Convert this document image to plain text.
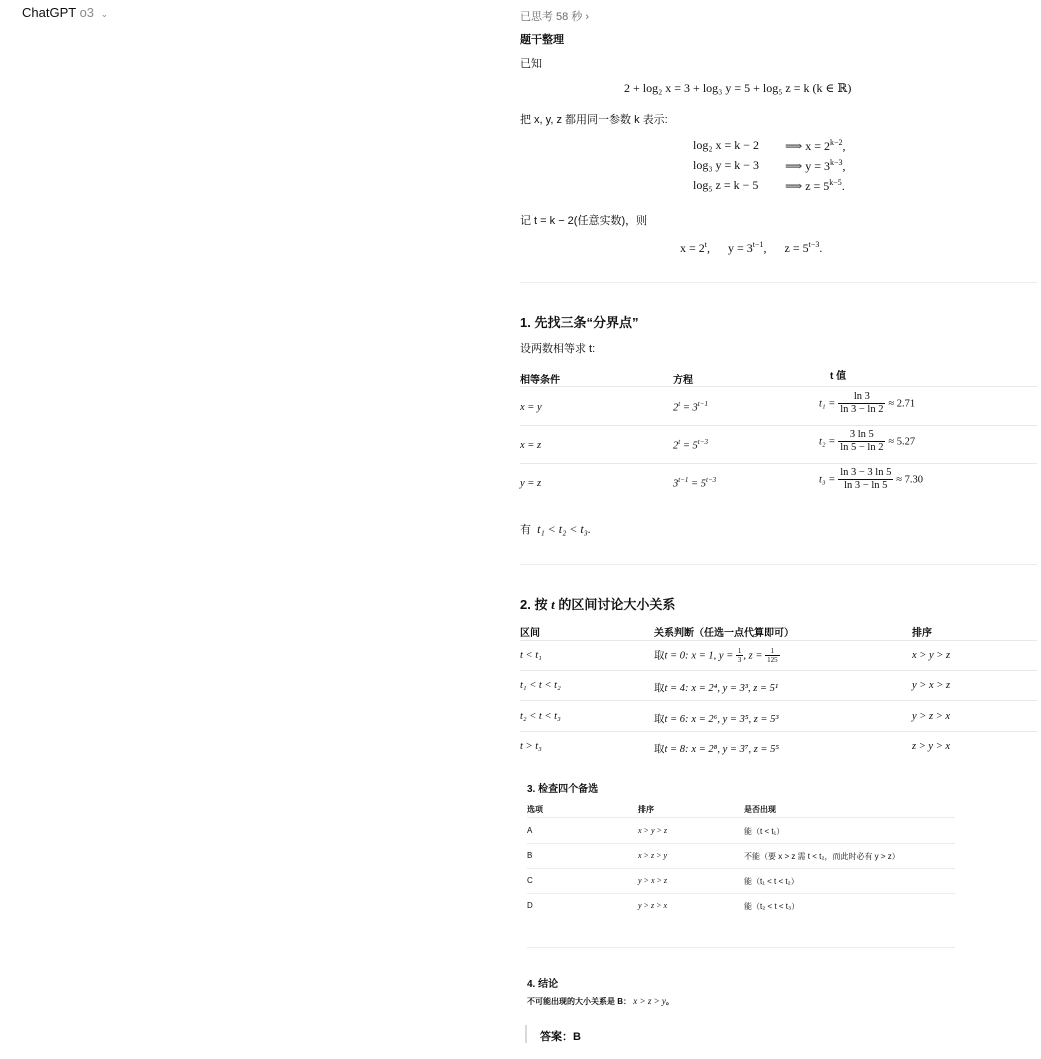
ChatGPT o3 ⌄	已思考 58 秒 ›
题干整理
已知
2 + log₂ x = 3 + log₃ y = 5 + log₅ z = k (k ∈ ℝ)
把 x, y, z 都用同一参数 k 表示:
log₂ x = k − 2 ⟹ $x = 2^{k-2}$,
log₃ y = k − 3 ⟹ $y = 3^{k-3}$,
log₅ z = k − 5 ⟹ $z = 5^{k-5}$.
记 t = k − 2(任意实数)，则
$x = 2^t$,      $y = 3^{t-1}$,      $z = 5^{t-3}$.
1. 先找三条“分界点”
设两数相等求 t:
相等条件	方程	t 值
x = y	$2^t = 3^{t-1}$	$t_1 = \frac{\ln 3}{\ln 3 - \ln 2} \approx 2.71$
x = z	$2^t = 5^{t-3}$	$t_2 = \frac{3 \ln 5}{\ln 5 - \ln 2} \approx 5.27$
y = z	$3^{t-1} = 5^{t-3}$	$t_3 = \frac{\ln 3 - 3 \ln 5}{\ln 3 - \ln 5} \approx 7.30$
有 t₁ < t₂ < t₃.
2. 按 t 的区间讨论大小关系
区间	关系判断（任选一点代算即可）	排序
t < t₁	取t = 0: x = 1, $y = \frac{1}{3}$ , $z = \frac{1}{125}$	x > y > z
t₁ < t < t₂	取t = 4: x = 2⁴, y = 3³, z = 5¹	y > x > z
t₂ < t < t₃	取t = 6: x = 2⁶, y = 3⁵, z = 5³	y > z > x
t > t₃	取t = 8: x = 2⁸, y = 3⁷, z = 5⁵	z > y > x
3. 检查四个备选
选项	排序	是否出现
A	x > y > z	能（t < t₁）
B	x > z > y	不能（要 x > z 需 t < t₂，而此时必有 y > z）
C	y > x > z	能（t₁ < t < t₂）
D	y > z > x	能（t₂ < t < t₃）
4. 结论
不可能出现的大小关系是 B： x > z > y。
答案：B
